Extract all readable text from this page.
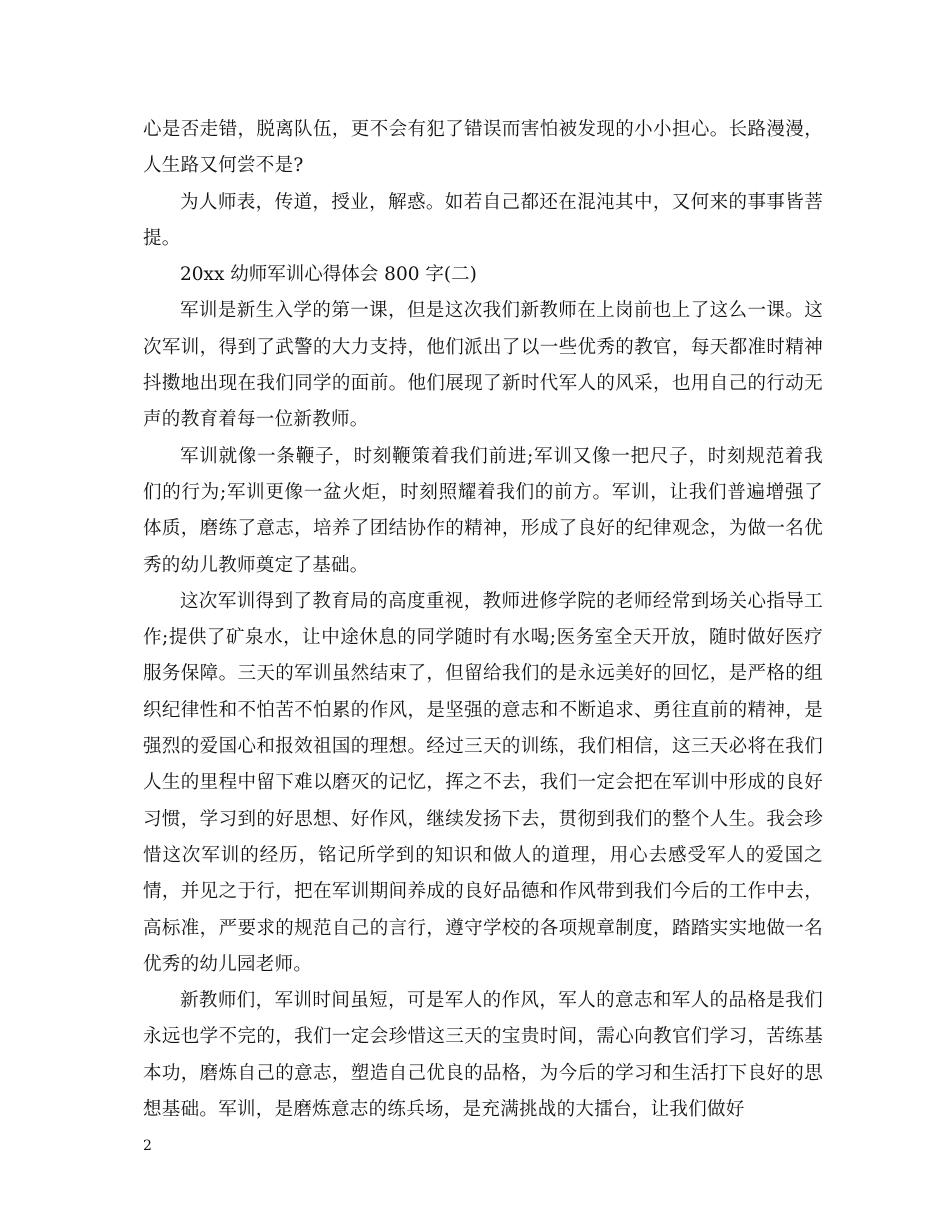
心是否走错，脱离队伍，更不会有犯了错误而害怕被发现的小小担心。长路漫漫，人生路又何尝不是?

为人师表，传道，授业，解惑。如若自己都还在混沌其中，又何来的事事皆菩提。

20xx 幼师军训心得体会 800 字(二)

军训是新生入学的第一课，但是这次我们新教师在上岗前也上了这么一课。这次军训，得到了武警的大力支持，他们派出了以一些优秀的教官，每天都准时精神抖擞地出现在我们同学的面前。他们展现了新时代军人的风采，也用自己的行动无声的教育着每一位新教师。

军训就像一条鞭子，时刻鞭策着我们前进;军训又像一把尺子，时刻规范着我们的行为;军训更像一盆火炬，时刻照耀着我们的前方。军训，让我们普遍增强了体质，磨练了意志，培养了团结协作的精神，形成了良好的纪律观念，为做一名优秀的幼儿教师奠定了基础。

这次军训得到了教育局的高度重视，教师进修学院的老师经常到场关心指导工作;提供了矿泉水，让中途休息的同学随时有水喝;医务室全天开放，随时做好医疗服务保障。三天的军训虽然结束了，但留给我们的是永远美好的回忆，是严格的组织纪律性和不怕苦不怕累的作风，是坚强的意志和不断追求、勇往直前的精神，是强烈的爱国心和报效祖国的理想。经过三天的训练，我们相信，这三天必将在我们人生的里程中留下难以磨灭的记忆，挥之不去，我们一定会把在军训中形成的良好习惯，学习到的好思想、好作风，继续发扬下去，贯彻到我们的整个人生。我会珍惜这次军训的经历，铭记所学到的知识和做人的道理，用心去感受军人的爱国之情，并见之于行，把在军训期间养成的良好品德和作风带到我们今后的工作中去，高标准，严要求的规范自己的言行，遵守学校的各项规章制度，踏踏实实地做一名优秀的幼儿园老师。

新教师们，军训时间虽短，可是军人的作风，军人的意志和军人的品格是我们永远也学不完的，我们一定会珍惜这三天的宝贵时间，需心向教官们学习，苦练基本功，磨炼自己的意志，塑造自己优良的品格，为今后的学习和生活打下良好的思想基础。军训，是磨炼意志的练兵场，是充满挑战的大擂台，让我们做好

2
